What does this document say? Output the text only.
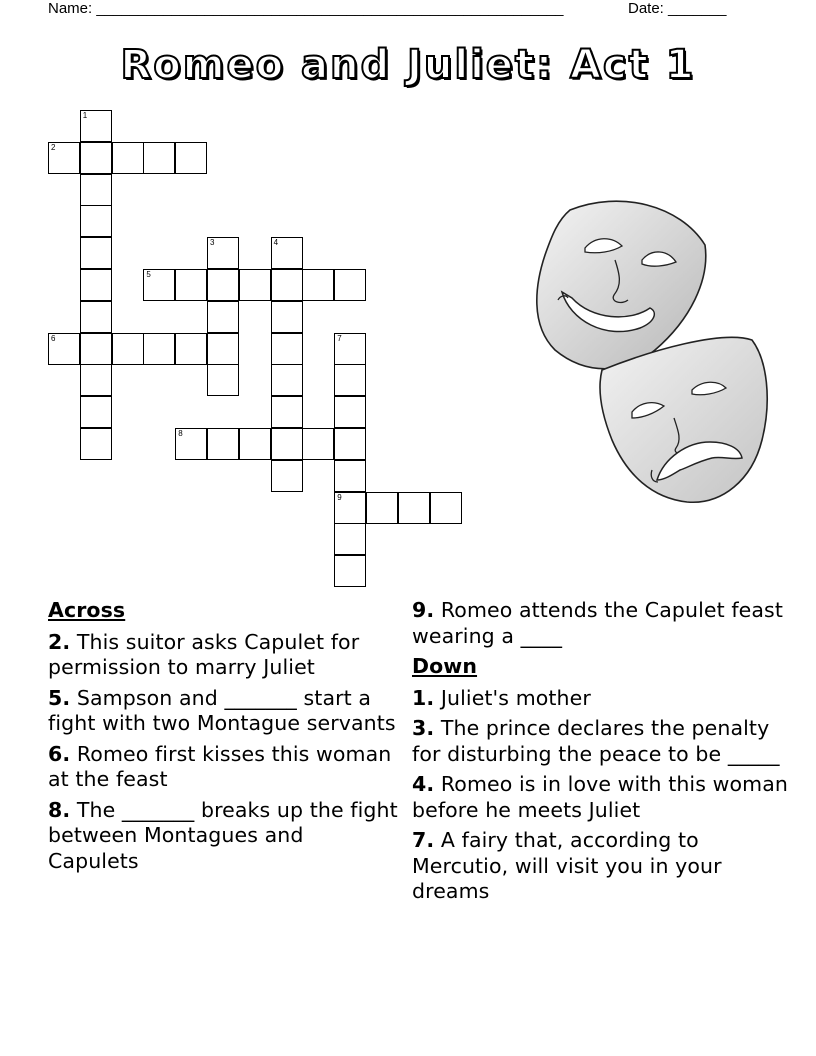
Name: ________________________________________________________	Date: _______
Romeo and Juliet: Act 1
1
2
3	4
5
6	7
9
8
Across
2. This suitor asks Capulet for permission to marry Juliet
5. Sampson and _______ start a fight with two Montague servants
6. Romeo first kisses this woman at the feast
8. The _______ breaks up the fight between Montagues and Capulets
9. Romeo attends the Capulet feast wearing a ____
Down
1. Juliet's mother
3. The prince declares the penalty for disturbing the peace to be _____
4. Romeo is in love with this woman before he meets Juliet
7. A fairy that, according to Mercutio, will visit you in your dreams
